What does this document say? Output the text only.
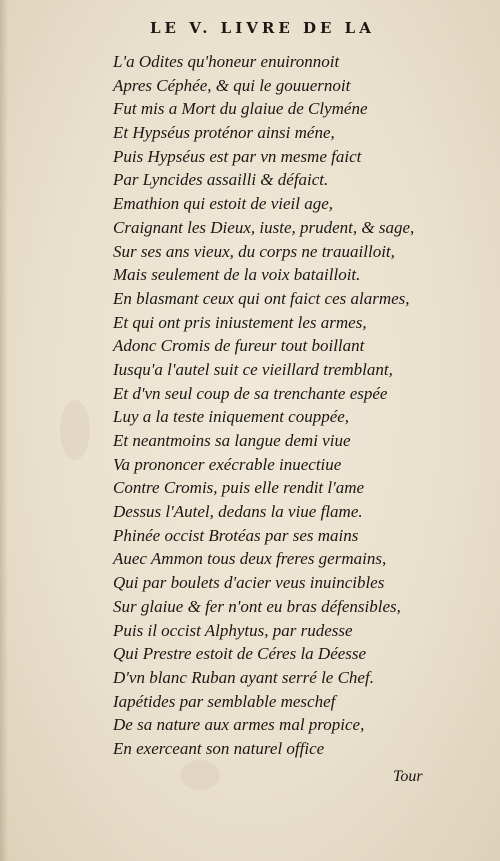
LE V. LIVRE DE LA
L'a Odites qu'honeur enuironnoit
Apres Céphée, & qui le gouuernoit
Fut mis a Mort du glaiue de Clyméne
Et Hypséus proténor ainsi méne,
Puis Hypséus est par vn mesme faict
Par Lyncides assailli & défaict.
Emathion qui estoit de vieil age,
Craignant les Dieux, iuste, prudent, & sage,
Sur ses ans vieux, du corps ne trauailloit,
Mais seulement de la voix batailloit.
En blasmant ceux qui ont faict ces alarmes,
Et qui ont pris iniustement les armes,
Adonc Cromis de fureur tout boillant
Iusqu'a l'autel suit ce vieillard tremblant,
Et d'vn seul coup de sa trenchante espée
Luy a la teste iniquement couppée,
Et neantmoins sa langue demi viue
Va prononcer exécrable inuectiue
Contre Cromis, puis elle rendit l'ame
Dessus l'Autel, dedans la viue flame.
Phinée occist Brotéas par ses mains
Auec Ammon tous deux freres germains,
Qui par boulets d'acier veus inuincibles
Sur glaiue & fer n'ont eu bras défensibles,
Puis il occist Alphytus, par rudesse
Qui Prestre estoit de Céres la Déesse
D'vn blanc Ruban ayant serré le Chef.
Iapétides par semblable meschef
De sa nature aux armes mal propice,
En exerceant son naturel office
Tour
